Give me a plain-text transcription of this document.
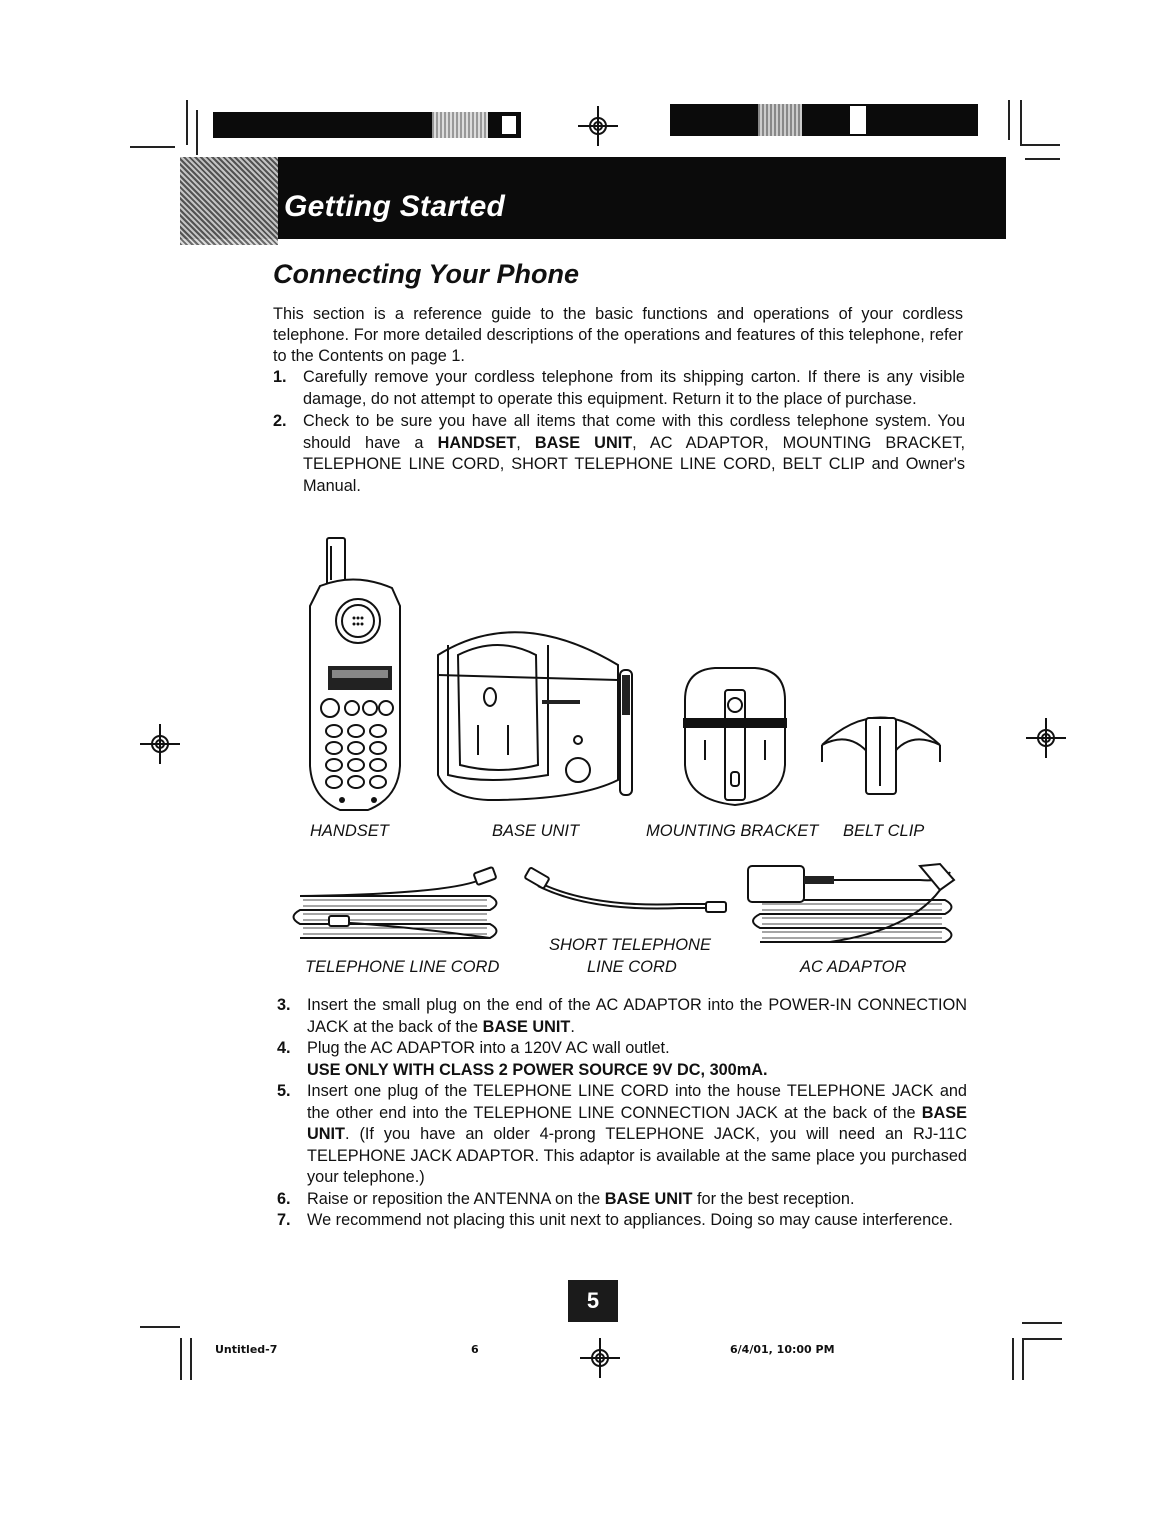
Getting Started
Connecting Your Phone
This section is a reference guide to the basic functions and operations of your cordless telephone. For more detailed descriptions of the operations and features of this telephone, refer to the Contents on page 1.
1. Carefully remove your cordless telephone from its shipping carton. If there is any visible damage, do not attempt to operate this equipment. Return it to the place of purchase.
2. Check to be sure you have all items that come with this cordless telephone system. You should have a HANDSET, BASE UNIT, AC ADAPTOR, MOUNTING BRACKET, TELEPHONE LINE CORD, SHORT TELEPHONE LINE CORD, BELT CLIP and Owner's Manual.
HANDSET	BASE UNIT	MOUNTING BRACKET BELT CLIP
TELEPHONE LINE CORD
SHORT TELEPHONE
LINE CORD	AC ADAPTOR
3. Insert the small plug on the end of the AC ADAPTOR into the POWER-IN CONNECTION JACK at the back of the BASE UNIT.
4. Plug the AC ADAPTOR into a 120V AC wall outlet.
USE ONLY WITH CLASS 2 POWER SOURCE 9V DC, 300mA.
5. Insert one plug of the TELEPHONE LINE CORD into the house TELEPHONE JACK and the other end into the TELEPHONE LINE CONNECTION JACK at the back of the BASE UNIT. (If you have an older 4-prong TELEPHONE JACK, you will need an RJ-11C TELEPHONE JACK ADAPTOR. This adaptor is available at the same place you purchased your telephone.)
6. Raise or reposition the ANTENNA on the BASE UNIT for the best reception.
7. We recommend not placing this unit next to appliances. Doing so may cause interference.
5
Untitled-7	6	6/4/01, 10:00 PM
